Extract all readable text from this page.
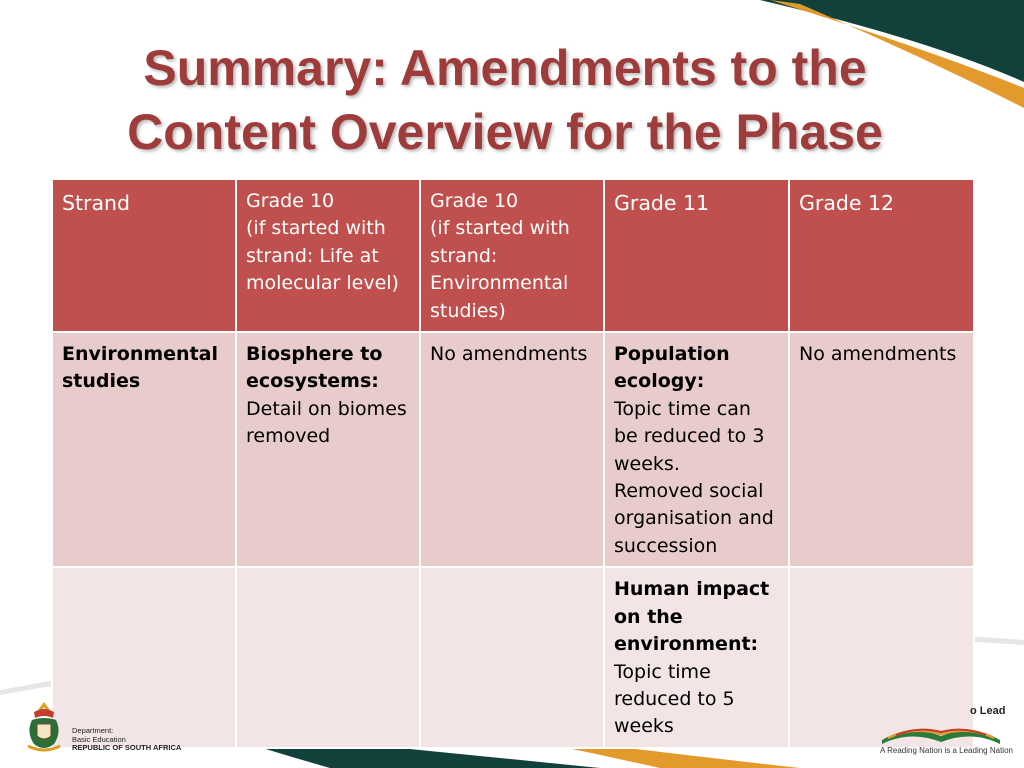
Summary: Amendments to the
Content Overview for the Phase
Strand	Grade 10
(if started with
strand: Life at
molecular level)	Grade 10
(if started with
strand:
Environmental
studies)	Grade 11	Grade 12

Environmental studies	Biosphere to ecosystems:
Detail on biomes removed	No amendments	Population ecology:
Topic time can be reduced to 3 weeks.
Removed social organisation and succession	No amendments

			Human impact on the environment:
Topic time reduced to 5 weeks	

Department:
Basic Education
REPUBLIC OF SOUTH AFRICA
o Lead
A Reading Nation is a Leading Nation
